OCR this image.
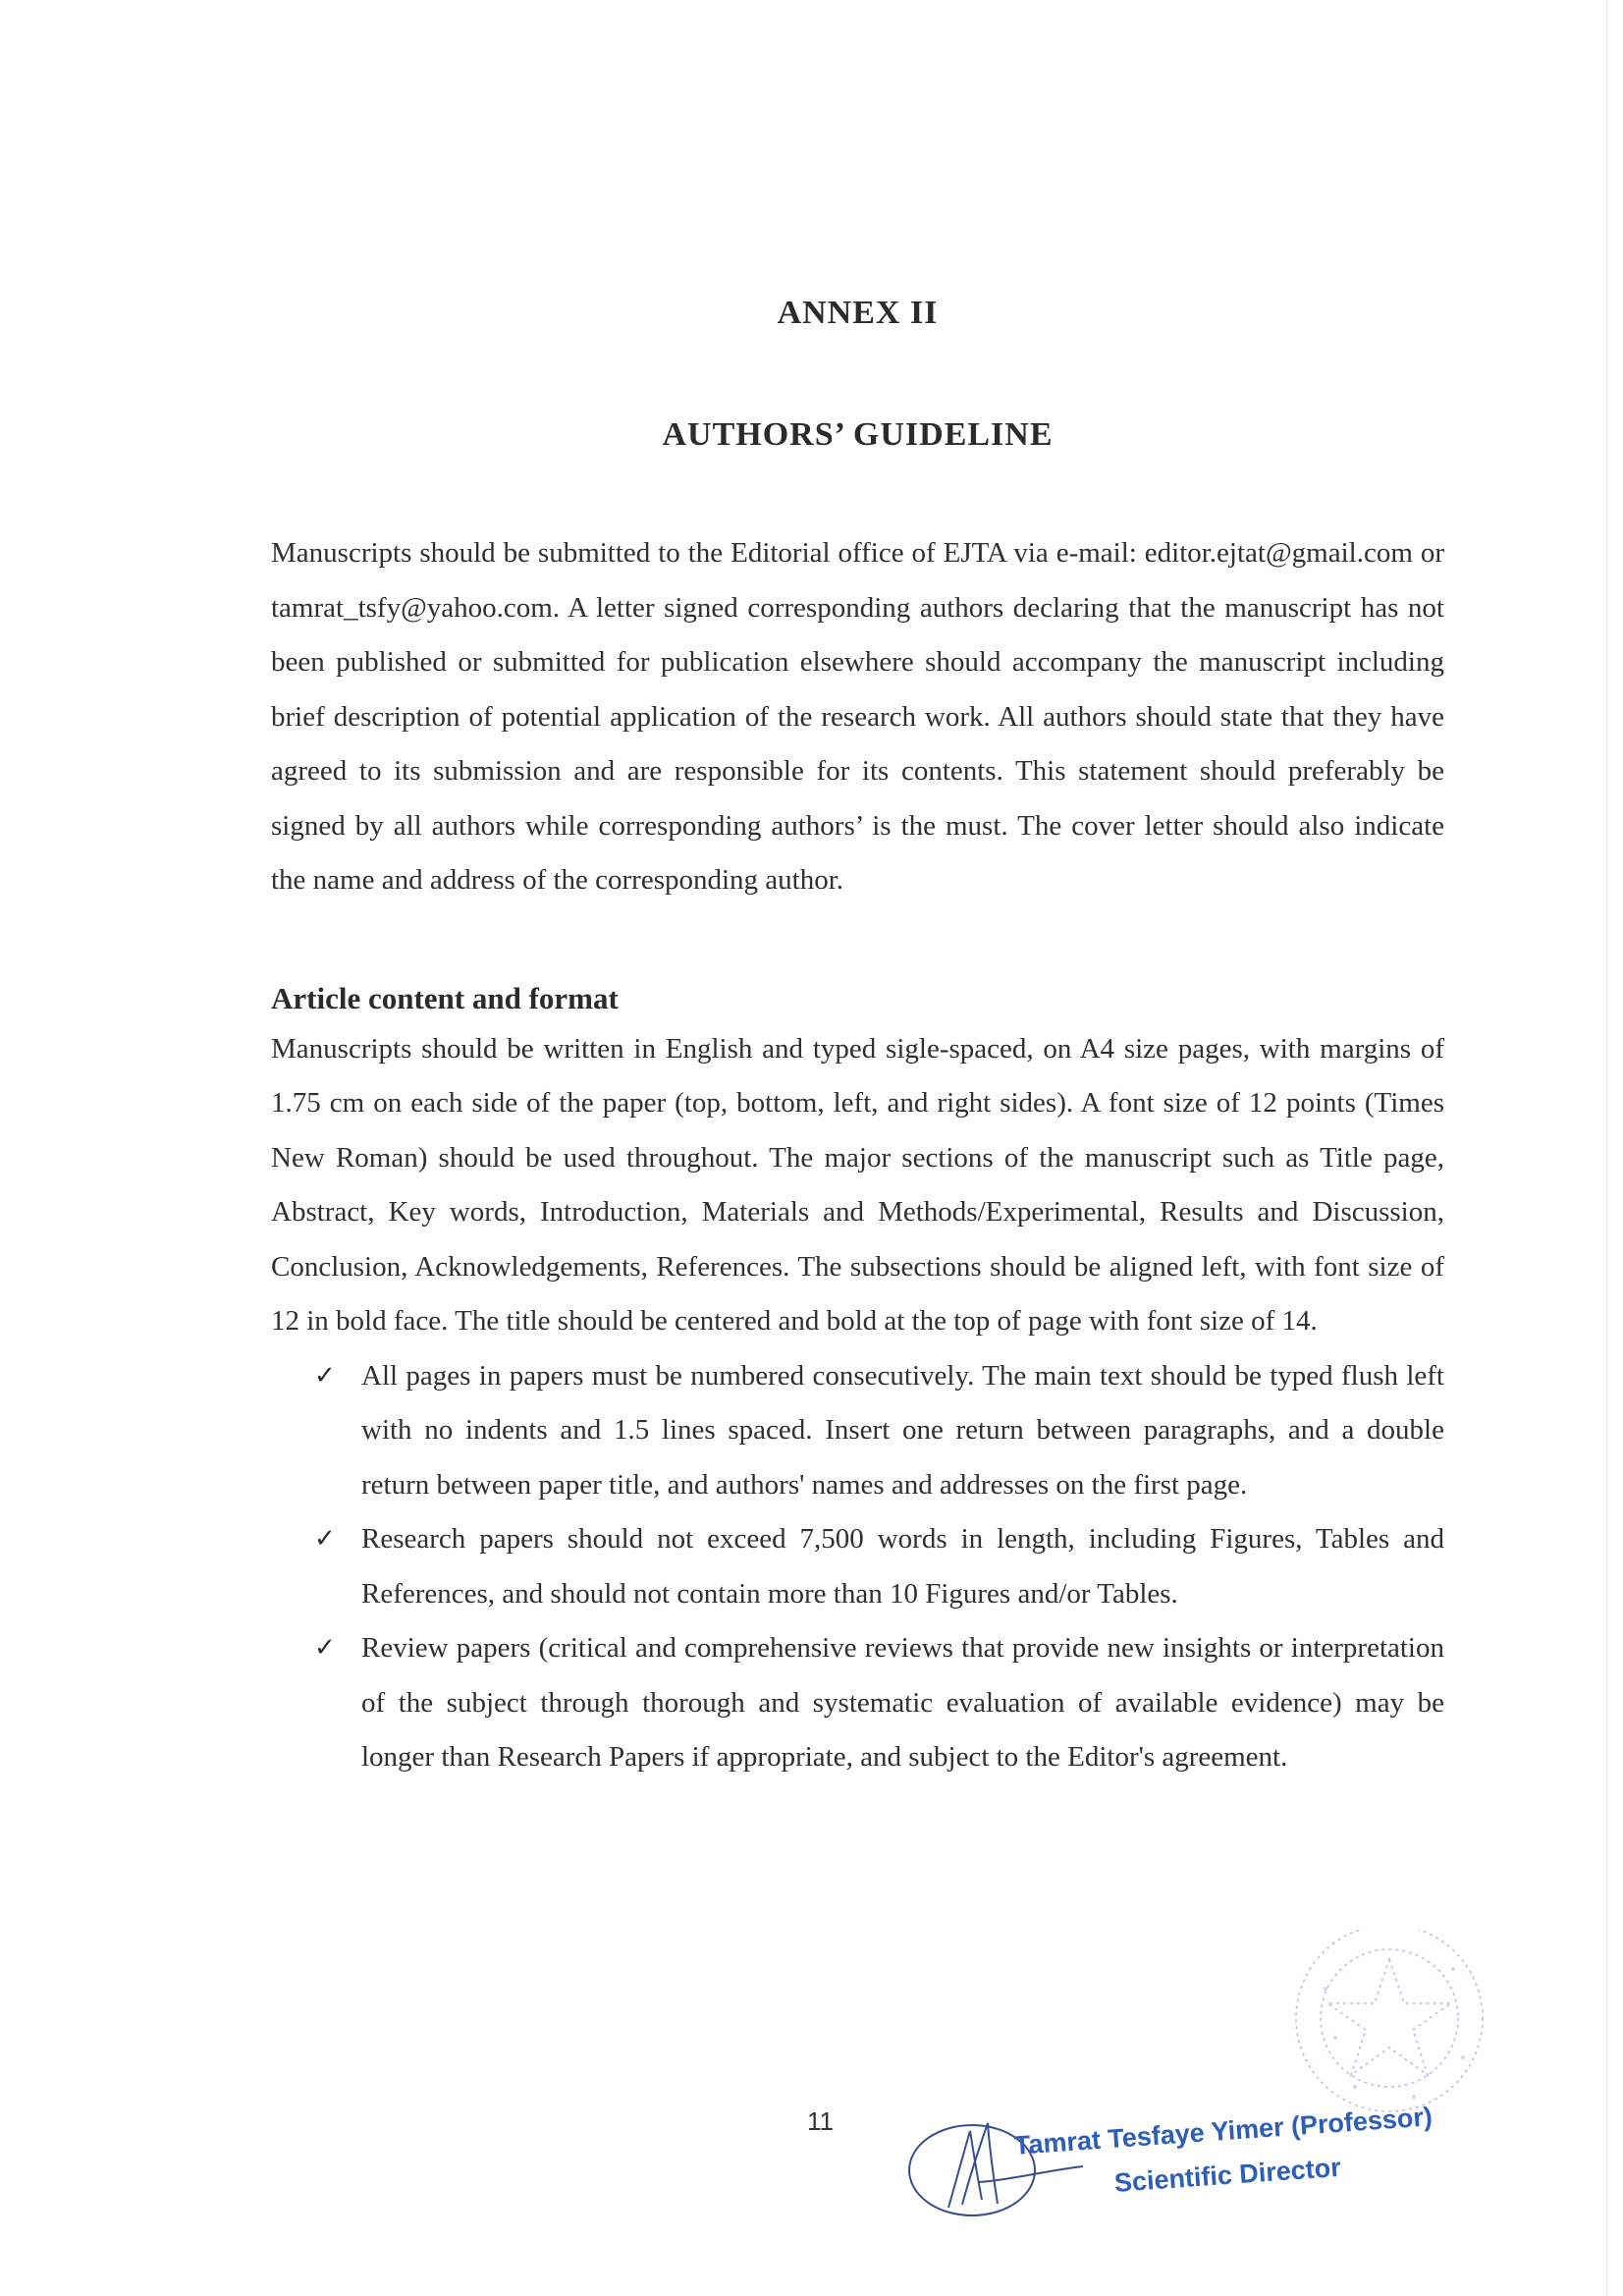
ANNEX II
AUTHORS’ GUIDELINE

Manuscripts should be submitted to the Editorial office of EJTA via e-mail: editor.ejtat@gmail.com or tamrat_tsfy@yahoo.com. A letter signed corresponding authors declaring that the manuscript has not been published or submitted for publication elsewhere should accompany the manuscript including brief description of potential application of the research work. All authors should state that they have agreed to its submission and are responsible for its contents. This statement should preferably be signed by all authors while corresponding authors’ is the must. The cover letter should also indicate the name and address of the corresponding author.

Article content and format

Manuscripts should be written in English and typed sigle-spaced, on A4 size pages, with margins of 1.75 cm on each side of the paper (top, bottom, left, and right sides). A font size of 12 points (Times New Roman) should be used throughout. The major sections of the manuscript such as Title page, Abstract, Key words, Introduction, Materials and Methods/Experimental, Results and Discussion, Conclusion, Acknowledgements, References. The subsections should be aligned left, with font size of 12 in bold face. The title should be centered and bold at the top of page with font size of 14.

✓ All pages in papers must be numbered consecutively. The main text should be typed flush left with no indents and 1.5 lines spaced. Insert one return between paragraphs, and a double return between paper title, and authors' names and addresses on the first page.
✓ Research papers should not exceed 7,500 words in length, including Figures, Tables and References, and should not contain more than 10 Figures and/or Tables.
✓ Review papers (critical and comprehensive reviews that provide new insights or interpretation of the subject through thorough and systematic evaluation of available evidence) may be longer than Research Papers if appropriate, and subject to the Editor's agreement.
11	Tamrat Tesfaye Yimer (Professor)
Scientific Director
